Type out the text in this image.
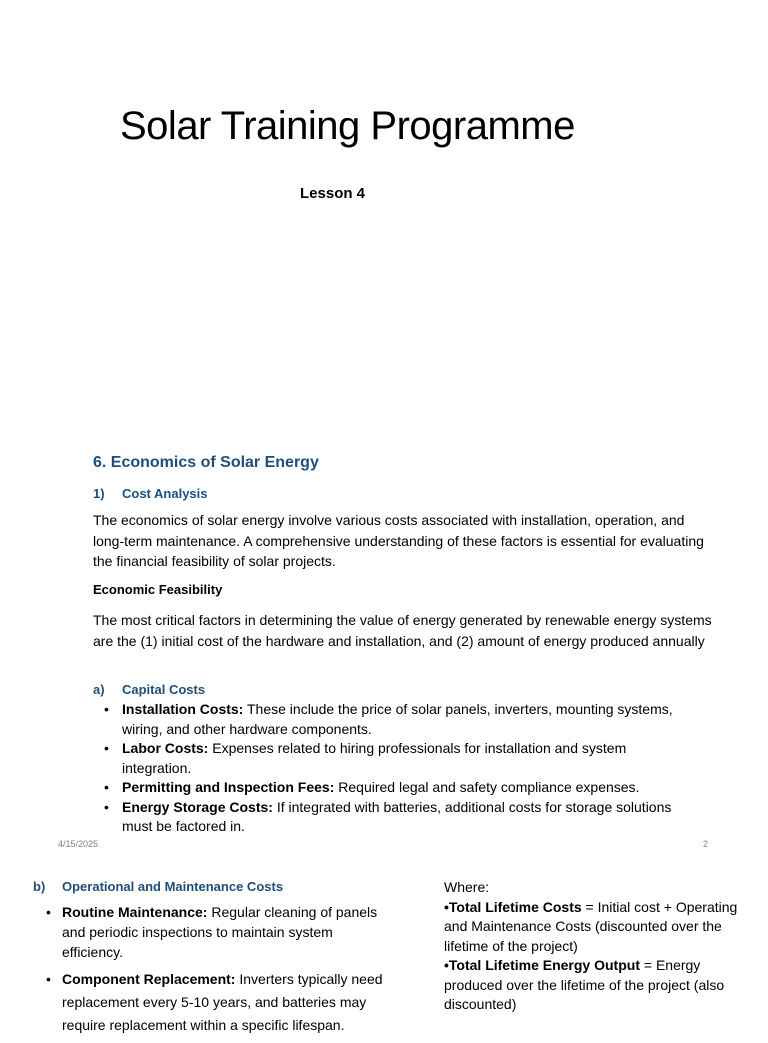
Solar Training Programme
Lesson 4
6. Economics of Solar Energy
1) Cost Analysis
The economics of solar energy involve various costs associated with installation, operation, and long-term maintenance. A comprehensive understanding of these factors is essential for evaluating the financial feasibility of solar projects.
Economic Feasibility
The most critical factors in determining the value of energy generated by renewable energy systems are the (1) initial cost of the hardware and installation, and (2) amount of energy produced annually
a) Capital Costs
• Installation Costs: These include the price of solar panels, inverters, mounting systems, wiring, and other hardware components.
• Labor Costs: Expenses related to hiring professionals for installation and system integration.
• Permitting and Inspection Fees: Required legal and safety compliance expenses.
• Energy Storage Costs: If integrated with batteries, additional costs for storage solutions must be factored in.
4/15/2025	2
b) Operational and Maintenance Costs
• Routine Maintenance: Regular cleaning of panels and periodic inspections to maintain system efficiency.
• Component Replacement: Inverters typically need replacement every 5-10 years, and batteries may require replacement within a specific lifespan.

Where:

•Total Lifetime Costs = Initial cost + Operating and Maintenance Costs (discounted over the lifetime of the project)

•Total Lifetime Energy Output = Energy produced over the lifetime of the project (also discounted)
